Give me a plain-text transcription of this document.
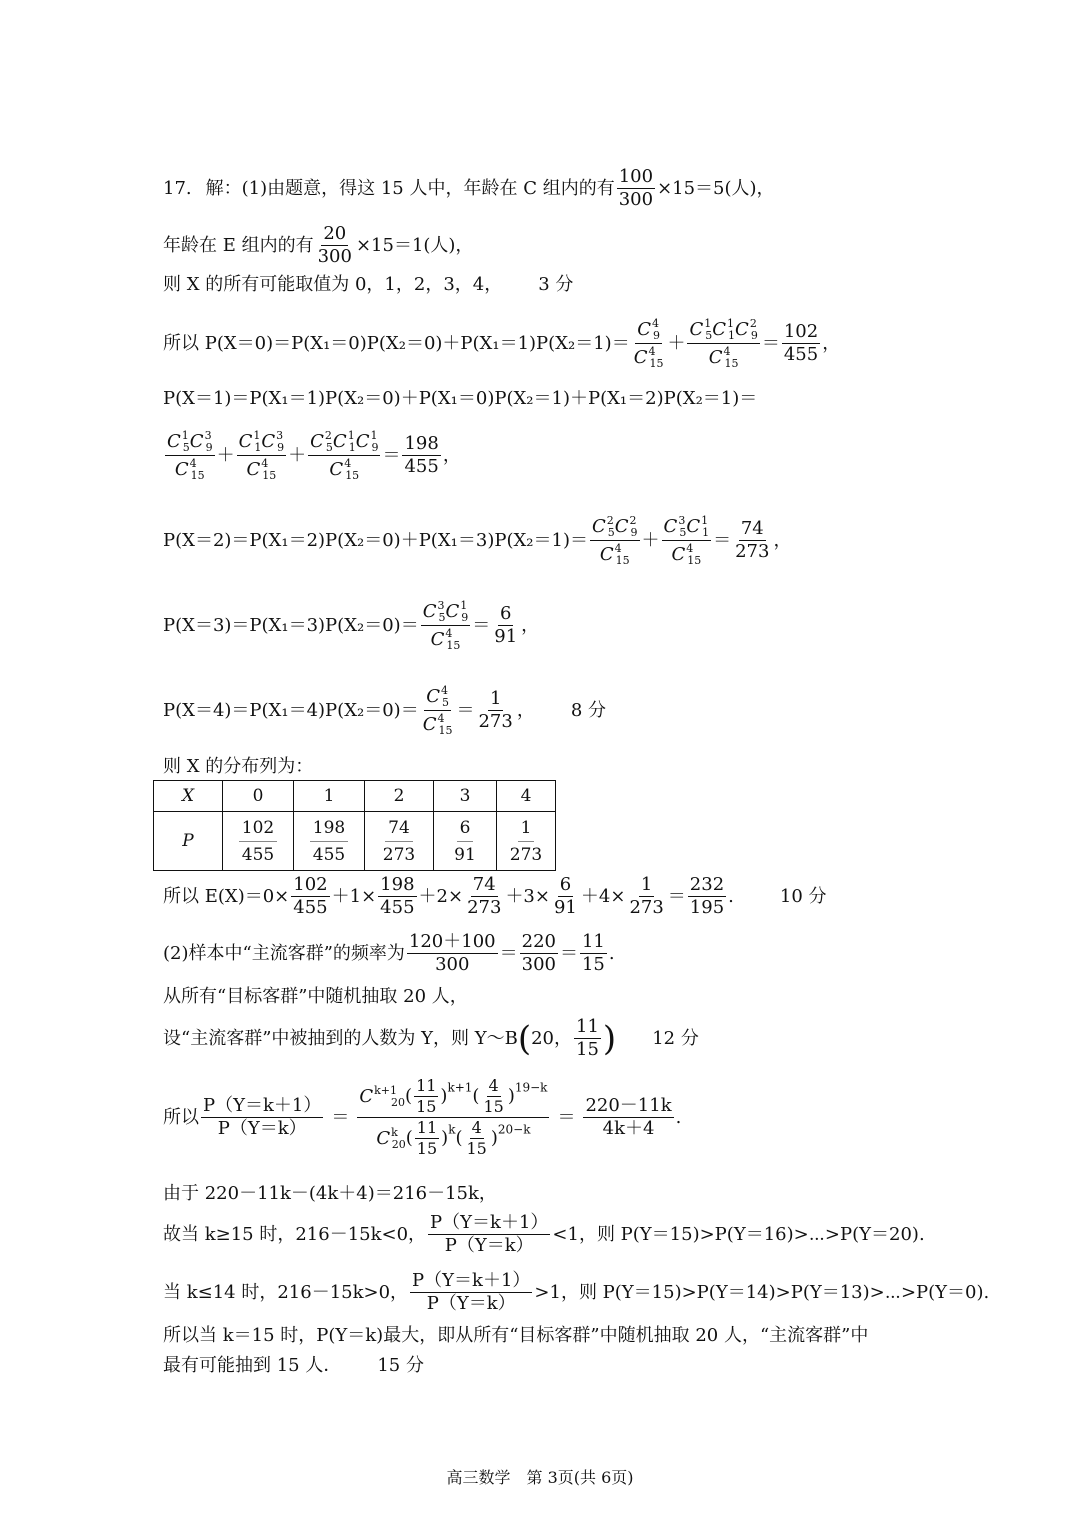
17. 解：(1)由题意，得这 15 人中，年龄在 C 组内的有 $\frac{100}{300} \times 15=5$(人)，
年龄在 E 组内的有 $\frac{20}{300} \times 15=1$(人)，
则 X 的所有可能取值为 0，1，2，3，4， 3 分
所以 $P(X=0)=P(X_1=0)P(X_2=0)+P(X_1=1)P(X_2=1)= \frac{C^4_9}{C^4_{15}} + \frac{C^1_5C^1_1C^2_9}{C^4_{15}} = \frac{102}{455}$ ，
P(X＝1)＝P(X₁＝1)P(X₂＝0)＋P(X₁＝0)P(X₂＝1)＋P(X₁＝2)P(X₂＝1)＝
$\frac{C^1_5C^3_9}{C^4_{15}} + \frac{C^1_1C^3_9}{C^4_{15}} + \frac{C^2_5C^1_1C^1_9}{C^4_{15}} = \frac{198}{455}$ ，
$P(X=2)=P(X_1=2)P(X_2=0)+P(X_1=3)P(X_2=1)= \frac{C^2_5C^2_9}{C^4_{15}} + \frac{C^3_5C^1_1}{C^4_{15}} = \frac{74}{273}$ ，
$P(X=3)=P(X_1=3)P(X_2=0)= \frac{C^3_5C^1_9}{C^4_{15}} = \frac{6}{91}$ ，
$P(X=4)=P(X_1=4)P(X_2=0)= \frac{C^4_5}{C^4_{15}} = \frac{1}{273}$ ， 8 分
则 X 的分布列为：
X	0	1	2	3	4
P	$\frac{102}{455}$	$\frac{198}{455}$	$\frac{74}{273}$	$\frac{6}{91}$	$\frac{1}{273}$
所以 $E(X)=0\times \frac{102}{455} +1\times \frac{198}{455} +2\times \frac{74}{273} +3\times \frac{6}{91} +4\times \frac{1}{273} = \frac{232}{195}$ .	10 分
(2)样本中“主流客群”的频率为 $\frac{120+100}{300} = \frac{220}{300} = \frac{11}{15}$ .
从所有“目标客群”中随机抽取 20 人，
设“主流客群”中被抽到的人数为 Y，则 Y～B ( 20， $\frac{11}{15}$ ) 12 分
所以 $\frac{P(Y=k+1)}{P(Y=k)} = \frac{C^{k+1}_{20}( \frac{11}{15} )^{k+1}( \frac{4}{15} )^{19-k}}{C^k_{20}( \frac{11}{15} )^k( \frac{4}{15} )^{20-k}} = \frac{220-11k}{4k+4}$ .
由于 220－11k－(4k＋4)＝216－15k，
故当 k≥15 时，216－15k<0， $\frac{P(Y=k+1)}{P(Y=k)} <1$，则 P(Y＝15)>P(Y＝16)>⋯>P(Y＝20).
当 k≤14 时，216－15k>0， $\frac{P(Y=k+1)}{P(Y=k)} >1$，则 P(Y＝15)>P(Y＝14)>P(Y＝13)>⋯>P(Y＝0).
所以当 k＝15 时，P(Y＝k)最大，即从所有“目标客群”中随机抽取 20 人，“主流客群”中
最有可能抽到 15 人． 15 分
高三数学　第 3页(共 6页)
